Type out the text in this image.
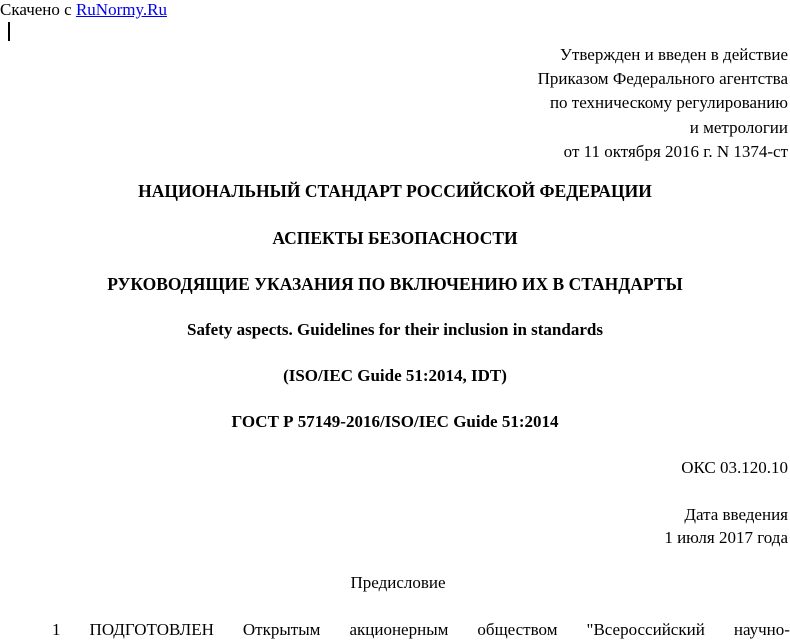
Скачено с RuNormy.Ru
Утвержден и введен в действие
Приказом Федерального агентства
по техническому регулированию
и метрологии
от 11 октября 2016 г. N 1374-ст
НАЦИОНАЛЬНЫЙ СТАНДАРТ РОССИЙСКОЙ ФЕДЕРАЦИИ
АСПЕКТЫ БЕЗОПАСНОСТИ
РУКОВОДЯЩИЕ УКАЗАНИЯ ПО ВКЛЮЧЕНИЮ ИХ В СТАНДАРТЫ
Safety aspects. Guidelines for their inclusion in standards
(ISO/IEC Guide 51:2014, IDT)
ГОСТ Р 57149-2016/ISO/IEC Guide 51:2014
ОКС 03.120.10
Дата введения
1 июля 2017 года
Предисловие
1 ПОДГОТОВЛЕН Открытым акционерным обществом "Всероссийский научно-
